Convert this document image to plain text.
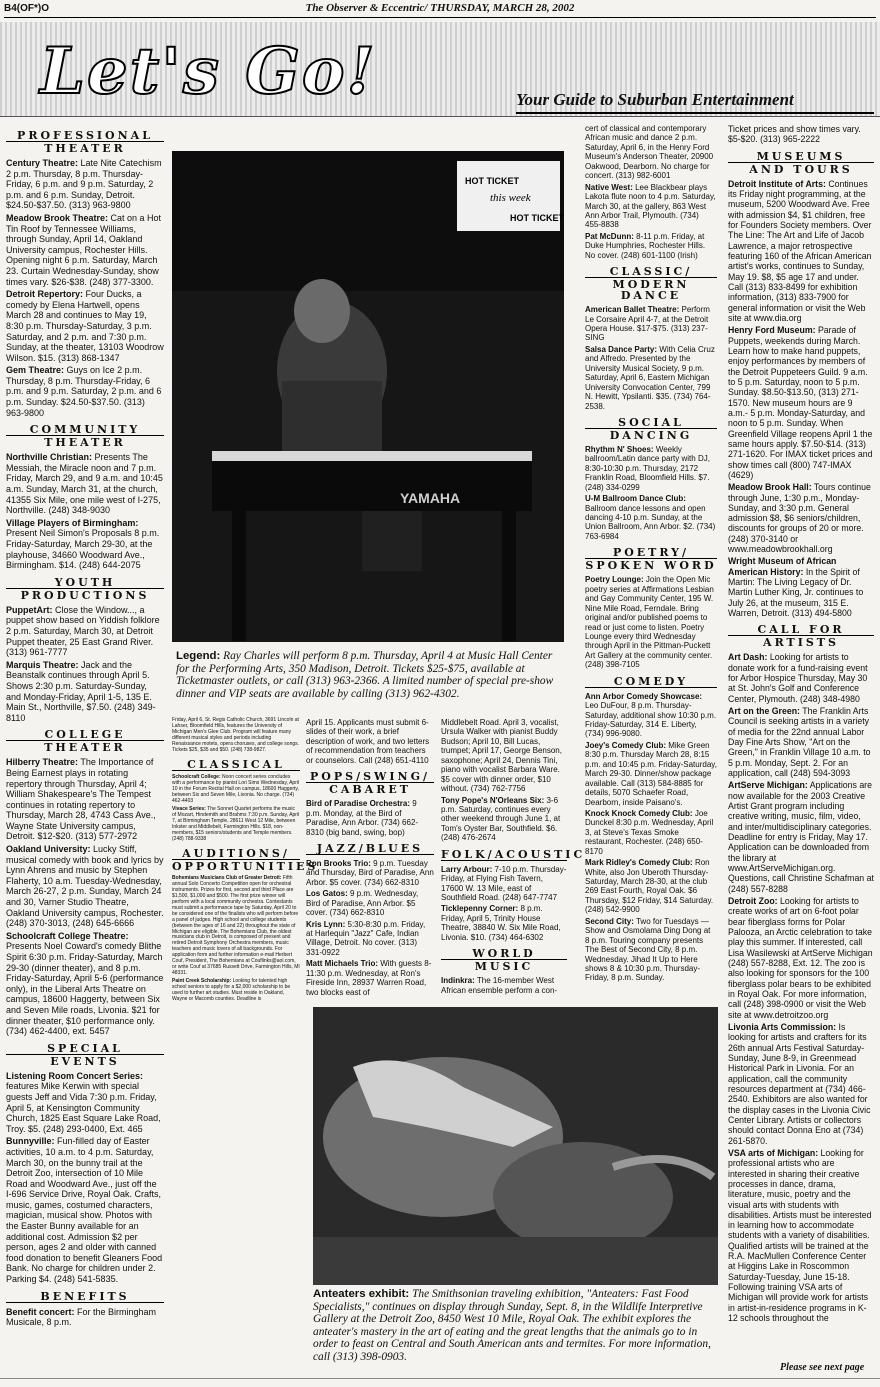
B4(OF*)O	The Observer & Eccentric/ THURSDAY, MARCH 28, 2002
Let's Go!	Your Guide to Suburban Entertainment
PROFESSIONAL
THEATER

Century Theatre: Late Nite Catechism 2 p.m. Thursday, 8 p.m. Thursday-Friday, 6 p.m. and 9 p.m. Saturday, 2 p.m. and 6 p.m. Sunday, Detroit. $24.50-$37.50. (313) 963-9800

Meadow Brook Theatre: Cat on a Hot Tin Roof by Tennessee Williams, through Sunday, April 14, Oakland University campus, Rochester Hills. Opening night 6 p.m. Saturday, March 23. Curtain Wednesday-Sunday, show times vary. $26-$38. (248) 377-3300.

Detroit Repertory: Four Ducks, a comedy by Elena Hartwell, opens March 28 and continues to May 19, 8:30 p.m. Thursday-Saturday, 3 p.m. Saturday, and 2 p.m. and 7:30 p.m. Sunday, at the theater, 13103 Woodrow Wilson. $15. (313) 868-1347

Gem Theatre: Guys on Ice 2 p.m. Thursday, 8 p.m. Thursday-Friday, 6 p.m. and 9 p.m. Saturday, 2 p.m. and 6 p.m. Sunday. $24.50-$37.50. (313) 963-9800

COMMUNITY
THEATER

Northville Christian: Presents The Messiah, the Miracle noon and 7 p.m. Friday, March 29, and 9 a.m. and 10:45 a.m. Sunday, March 31, at the church, 41355 Six Mile, one mile west of I-275, Northville. (248) 348-9030

Village Players of Birmingham: Present Neil Simon's Proposals 8 p.m. Friday-Saturday, March 29-30, at the playhouse, 34660 Woodward Ave., Birmingham. $14. (248) 644-2075

YOUTH
PRODUCTIONS

PuppetArt: Close the Window..., a puppet show based on Yiddish folklore 2 p.m. Saturday, March 30, at Detroit Puppet theater, 25 East Grand River. (313) 961-7777

Marquis Theatre: Jack and the Beanstalk continues through April 5. Shows 2:30 p.m. Saturday-Sunday, and Monday-Friday, April 1-5, 135 E. Main St., Northville, $7.50. (248) 349-8110

COLLEGE
THEATER

Hilberry Theatre: The Importance of Being Earnest plays in rotating repertory through Thursday, April 4; William Shakespeare's The Tempest continues in rotating repertory to Thursday, March 28, 4743 Cass Ave., Wayne State University campus, Detroit. $12-$20. (313) 577-2972

Oakland University: Lucky Stiff, musical comedy with book and lyrics by Lynn Ahrens and music by Stephen Flaherty, 10 a.m. Tuesday-Wednesday, March 26-27, 2 p.m. Sunday, March 24 and 30, Varner Studio Theatre, Oakland University campus, Rochester. (248) 370-3013, (248) 645-6666

Schoolcraft College Theatre: Presents Noel Coward's comedy Blithe Spirit 6:30 p.m. Friday-Saturday, March 29-30 (dinner theater), and 8 p.m. Friday-Saturday, April 5-6 (performance only), in the Liberal Arts Theatre on campus, 18600 Haggerty, between Six and Seven Mile roads, Livonia. $21 for dinner theater, $10 performance only. (734) 462-4400, ext. 5457

SPECIAL
EVENTS

Listening Room Concert Series: features Mike Kerwin with special guests Jeff and Vida 7:30 p.m. Friday, April 5, at Kensington Community Church, 1825 East Square Lake Road, Troy. $5. (248) 293-0400, Ext. 465

Bunnyville: Fun-filled day of Easter activities, 10 a.m. to 4 p.m. Saturday, March 30, on the bunny trail at the Detroit Zoo, intersection of 10 Mile Road and Woodward Ave., just off the I-696 Service Drive, Royal Oak. Crafts, music, games, costumed characters, magician, musical show. Photos with the Easter Bunny available for an additional cost. Admission $2 per person, ages 2 and older with canned food donation to benefit Gleaners Food Bank. No charge for children under 2. Parking $4. (248) 541-5835.

BENEFITS

Benefit concert: For the Birmingham Musicale, 8 p.m.

Friday, April 6, St. Regis Catholic Church, 3691 Lincoln at Lahser, Bloomfield Hills, features the University of Michigan Men's Glee Club. Program will feature many different musical styles and periods including Renaissance motets, opera choruses, and college songs. Tickets $25, $35 and $50. (248) 738-9827.

CLASSICAL

Schoolcraft College: Noon concert series concludes with a performance by pianist Lori Sims Wednesday, April 10 in the Forum Recital Hall on campus, 18600 Haggerty, between Six and Seven Mile, Livonia. No charge. (734) 462-4403

Vivace Series: The Sonnet Quartet performs the music of Mozart, Hindemith and Brahms 7:30 p.m. Sunday, April 7, at Birmingham Temple, 28611 West 12 Mile, between Inkster and Middlebelt, Farmington Hills. $18, non-members, $15 seniors/students and Temple members. (248) 788-9338

AUDITIONS/
OPPORTUNITIES

Bohemians Musicians Club of Greater Detroit: Fifth annual Solo Concerto Competition open for orchestral instruments. Prizes for first, second and third Place are $1,500, $1,000 and $500. The first prize winner will perform with a local community orchestra. Contestants must submit a performance tape by Saturday, April 20 to be considered one of the finalists who will perform before a panel of judges. High school and college students (between the ages of 16 and 22) throughout the state of Michigan are eligible. The Bohemians Club, the oldest musicians club in Detroit, is composed of present and retired Detroit Symphony Orchestra members, music teachers and music lovers of all backgrounds. For application form and further information e-mail Herbert Couf, President, The Bohemians at Couflinks@aol.com, or write Couf at 37685 Russett Drive, Farmington Hills, MI 48331.

Paint Creek Scholarship: Looking for talented high school seniors to apply for a $2,000 scholarship to be used to further art studies. Must reside in Oakland, Wayne or Macomb counties. Deadline is

April 15. Applicants must submit 6-slides of their work, a brief description of work, and two letters of recommendation from teachers or counselors. Call (248) 651-4110

POPS/SWING/
CABARET

Bird of Paradise Orchestra: 9 p.m. Monday, at the Bird of Paradise, Ann Arbor. (734) 662-8310 (big band, swing, bop)

JAZZ/BLUES

Ron Brooks Trio: 9 p.m. Tuesday and Thursday, Bird of Paradise, Ann Arbor. $5 cover. (734) 662-8310

Los Gatos: 9 p.m. Wednesday, Bird of Paradise, Ann Arbor. $5 cover. (734) 662-8310

Kris Lynn: 5:30-8:30 p.m. Friday, at Harlequin "Jazz" Cafe, Indian Village, Detroit. No cover. (313) 331-0922

Matt Michaels Trio: With guests 8-11:30 p.m. Wednesday, at Ron's Fireside Inn, 28937 Warren Road, two blocks east of

Middlebelt Road. April 3, vocalist, Ursula Walker with pianist Buddy Budson; April 10, Bill Lucas, trumpet; April 17, George Benson, saxophone; April 24, Dennis Tini, piano with vocalist Barbara Ware. $5 cover with dinner order, $10 without. (734) 762-7756

Tony Pope's N'Orleans Six: 3-6 p.m. Saturday, continues every other weekend through June 1, at Tom's Oyster Bar, Southfield. $6. (248) 476-2674

FOLK/ACOUSTIC

Larry Arbour: 7-10 p.m. Thursday-Friday, at Flying Fish Tavern, 17600 W. 13 Mile, east of Southfield Road. (248) 647-7747

Ticklepenny Corner: 8 p.m. Friday, April 5, Trinity House Theatre, 38840 W. Six Mile Road, Livonia. $10. (734) 464-6302

WORLD
MUSIC

Indinkra: The 16-member West African ensemble perform a con-

cert of classical and contemporary African music and dance 2 p.m. Saturday, April 6, in the Henry Ford Museum's Anderson Theater, 20900 Oakwood, Dearborn. No charge for concert. (313) 982-6001

Native West: Lee Blackbear plays Lakota flute noon to 4 p.m. Saturday, March 30, at the gallery, 863 West Ann Arbor Trail, Plymouth. (734) 455-8838

Pat McDunn: 8-11 p.m. Friday, at Duke Humphries, Rochester Hills. No cover. (248) 601-1100 (Irish)

CLASSIC/
MODERN DANCE

American Ballet Theatre: Perform Le Corsaire April 4-7, at the Detroit Opera House. $17-$75. (313) 237-SING

Salsa Dance Party: With Celia Cruz and Alfredo. Presented by the University Musical Society, 9 p.m. Saturday, April 6, Eastern Michigan University Convocation Center, 799 N. Hewitt, Ypsilanti. $35. (734) 764-2538.

SOCIAL
DANCING

Rhythm N' Shoes: Weekly ballroom/Latin dance party with DJ, 8:30-10:30 p.m. Thursday, 2172 Franklin Road, Bloomfield Hills. $7. (248) 334-0299

U-M Ballroom Dance Club: Ballroom dance lessons and open dancing 4-10 p.m. Sunday, at the Union Ballroom, Ann Arbor. $2. (734) 763-6984

POETRY/
SPOKEN WORD

Poetry Lounge: Join the Open Mic poetry series at Affirmations Lesbian and Gay Community Center, 195 W. Nine Mile Road, Ferndale. Bring original and/or published poems to read or just come to listen. Poetry Lounge every third Wednesday through April in the Pittman-Puckett Art Gallery at the community center. (248) 398-7105

COMEDY

Ann Arbor Comedy Showcase: Leo DuFour, 8 p.m. Thursday-Saturday, additional show 10:30 p.m. Friday-Saturday, 314 E. Liberty, (734) 996-9080.

Joey's Comedy Club: Mike Green 8:30 p.m. Thursday March 28, 8:15 p.m. and 10:45 p.m. Friday-Saturday, March 29-30. Dinner/show package available. Call (313) 584-8885 for details, 5070 Schaefer Road, Dearborn, inside Paisano's.

Knock Knock Comedy Club: Joe Dunckel 8:30 p.m. Wednesday, April 3, at Steve's Texas Smoke restaurant, Rochester. (248) 650-8170

Mark Ridley's Comedy Club: Ron White, also Jon Uberoth Thursday-Saturday, March 28-30, at the club 269 East Fourth, Royal Oak. $6 Thursday, $12 Friday, $14 Saturday. (248) 542-9900

Second City: Two for Tuesdays — Show and Osmolama Ding Dong at 8 p.m. Touring company presents The Best of Second City, 8 p.m. Wednesday. Jihad It Up to Here shows 8 & 10:30 p.m. Thursday-Friday, 8 p.m. Sunday.

Ticket prices and show times vary. $5-$20. (313) 965-2222

MUSEUMS
AND TOURS

Detroit Institute of Arts: Continues its Friday night programming, at the museum, 5200 Woodward Ave. Free with admission $4, $1 children, free for Founders Society members. Over The Line: The Art and Life of Jacob Lawrence, a major retrospective featuring 160 of the African American artist's works, continues to Sunday, May 19. $8, $5 age 17 and under. Call (313) 833-8499 for exhibition information, (313) 833-7900 for general information or visit the Web site at www.dia.org

Henry Ford Museum: Parade of Puppets, weekends during March. Learn how to make hand puppets, enjoy performances by members of the Detroit Puppeteers Guild. 9 a.m. to 5 p.m. Saturday, noon to 5 p.m. Sunday. $8.50-$13.50, (313) 271-1570. New museum hours are 9 a.m.- 5 p.m. Monday-Saturday, and noon to 5 p.m. Sunday. When Greenfield Village reopens April 1 the same hours apply. $7.50-$14. (313) 271-1620. For IMAX ticket prices and show times call (800) 747-IMAX (4629)

Meadow Brook Hall: Tours continue through June, 1:30 p.m., Monday-Sunday, and 3:30 p.m. General admission $8, $6 seniors/children, discounts for groups of 20 or more. (248) 370-3140 or www.meadowbrookhall.org

Wright Museum of African American History: In the Spirit of Martin: The Living Legacy of Dr. Martin Luther King, Jr. continues to July 26, at the museum, 315 E. Warren, Detroit. (313) 494-5800

CALL FOR
ARTISTS

Art Dash: Looking for artists to donate work for a fund-raising event for Arbor Hospice Thursday, May 30 at St. John's Golf and Conference Center, Plymouth. (248) 348-4980

Art on the Green: The Franklin Arts Council is seeking artists in a variety of media for the 22nd annual Labor Day Fine Arts Show, "Art on the Green," in Franklin Village 10 a.m. to 5 p.m. Monday, Sept. 2. For an application, call (248) 594-3093

ArtServe Michigan: Applications are now available for the 2003 Creative Artist Grant program including creative writing, music, film, video, and inter/multidisciplinary categories. Deadline for entry is Friday, May 17. Application can be downloaded from the library at www.ArtServeMichigan.org. Questions, call Christine Schafman at (248) 557-8288

Detroit Zoo: Looking for artists to create works of art on 6-foot polar bear fiberglass forms for Polar Palooza, an Arctic celebration to take play this summer. If interested, call Lisa Wasilewski at ArtServe Michigan (248) 557-8288, Ext. 12. The zoo is also looking for sponsors for the 100 fiberglass polar bears to be exhibited in Royal Oak. For more information, call (248) 398-0900 or visit the Web site at www.detroitzoo.org

Livonia Arts Commission: Is looking for artists and crafters for its 26th annual Arts Festival Saturday-Sunday, June 8-9, in Greenmead Historical Park in Livonia. For an application, call the community resources department at (734) 466-2540. Exhibitors are also wanted for the display cases in the Livonia Civic Center Library. Artists or collectors should contact Donna Eno at (734) 261-5870.

VSA arts of Michigan: Looking for professional artists who are interested in sharing their creative processes in dance, drama, literature, music, poetry and the visual arts with students with disabilities. Artists must be interested in learning how to accommodate students with a variety of disabilities. Qualified artists will be trained at the R.A. MacMullen Conference Center at Higgins Lake in Roscommon Saturday-Tuesday, June 15-18. Following training VSA arts of Michigan will provide work for artists in artist-in-residence programs in K-12 schools throughout the

YAMAHA
HOT TICKET
this week
HOT TICKET
Legend: Ray Charles will perform 8 p.m. Thursday, April 4 at Music Hall Center for the Performing Arts, 350 Madison, Detroit. Tickets $25-$75, available at Ticketmaster outlets, or call (313) 963-2366. A limited number of special pre-show dinner and VIP seats are available by calling (313) 962-4302.
Anteaters exhibit: The Smithsonian traveling exhibition, "Anteaters: Fast Food Specialists," continues on display through Sunday, Sept. 8, in the Wildlife Interpretive Gallery at the Detroit Zoo, 8450 West 10 Mile, Royal Oak. The exhibit explores the anteater's mastery in the art of eating and the great lengths that the animals go to in order to feast on Central and South American ants and termites. For more information, call (313) 398-0903.
Please see next page
